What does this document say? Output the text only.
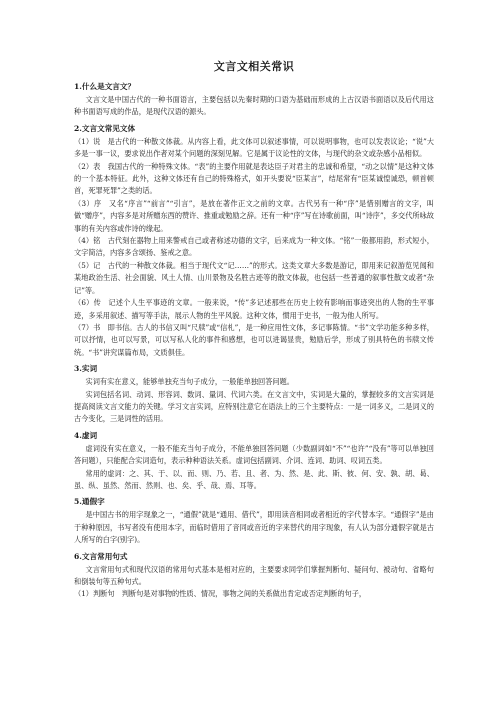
文言文相关常识
1.什么是文言文？

文言文是中国古代的一种书面语言，主要包括以先秦时期的口语为基础而形成的上古汉语书面语以及后代用这种书面语写成的作品，是现代汉语的源头。

2.文言文常见文体

（1）说　是古代的一种散文体裁。从内容上看，此文体可以叙述事情，可以说明事物，也可以发表议论；“说”大多是一事一议，要求说出作者对某个问题的深刻见解。它是属于议论性的文体，与现代的杂文或杂感小品相似。

（2）表　我国古代的一种特殊文体。“表”的主要作用就是表达臣子对君主的忠诚和希望，“动之以情”是这种文体的一个基本特征。此外，这种文体还有自己的特殊格式，如开头要说“臣某言”，结尾常有“臣某诚惶诚恐，顿首顿首，死罪死罪”之类的话。

（3）序　又名“序言”“前言”“引言”，是放在著作正文之前的文章。古代另有一种“序”是惜别赠言的文字，叫做“赠序”，内容多是对所赠东西的赞许、推重或勉励之辞。还有一种“序”写在诗歌前面，叫“诗序”，多交代所咏故事的有关内容或作诗的缘起。

（4）铭　古代刻在器物上用来警戒自己或者称述功德的文字，后来成为一种文体。“铭”一般都用韵，形式短小，文字简洁，内容多含颂扬、鉴戒之意。

（5）记　古代的一种散文体裁。相当于现代文“记……”的形式。这类文章大多数是游记，即用来记叙游览见闻和某地政治生活、社会面貌、风土人情、山川景物及名胜古迹等的散文体裁，也包括一些普通的叙事性散文或者“杂记”等。

（6）传　记述个人生平事迹的文章。一般来说，“传”多记述那些在历史上较有影响而事迹突出的人物的生平事迹，多采用叙述、描写等手法，展示人物的生平风貌。这种文体，惯用于史书，一般为他人所写。

（7）书　即书信。古人的书信又叫“尺牍”或“信札”，是一种应用性文体，多记事陈情。“书”文学功能多种多样，可以抒情，也可以写景，可以写私人化的事件和感想，也可以进谒显贵，勉励后学，形成了别具特色的书牍文传统。“书”讲究谋篇布局，文质俱佳。

3.实词

实词有实在意义，能够单独充当句子成分，一般能单独回答问题。

实词包括名词、动词、形容词、数词、量词、代词六类。在文言文中，实词是大量的，掌握较多的文言实词是提高阅读文言文能力的关键。学习文言实词，应特别注意它在语法上的三个主要特点：一是一词多义，二是词义的古今变化，三是词性的活用。

4.虚词

虚词没有实在意义，一般不能充当句子成分，不能单独回答问题（少数副词如“不”“也许”“没有”等可以单独回答问题），只能配合实词造句，表示种种语法关系。虚词包括副词、介词、连词、助词、叹词五类。

常用的虚词：之、其、于、以、而、则、乃、若、且、者、为、然、是、此、斯、彼、何、安、孰、胡、曷、虽、纵、虽然、然而、然则、也、矣、乎、哉、焉、耳等。

5.通假字

是中国古书的用字现象之一，“通假”就是“通用、借代”，即用读音相同或者相近的字代替本字。“通假字”是由于种种原因，书写者没有使用本字，而临时借用了音同或音近的字来替代的用字现象，有人认为部分通假字就是古人所写的白字(别字)。

6.文言常用句式

文言常用句式和现代汉语的常用句式基本是相对应的，主要要求同学们掌握判断句、疑问句、被动句、省略句和倒装句等五种句式。

（1）判断句　判断句是对事物的性质、情况，事物之间的关系做出肯定或否定判断的句子，
